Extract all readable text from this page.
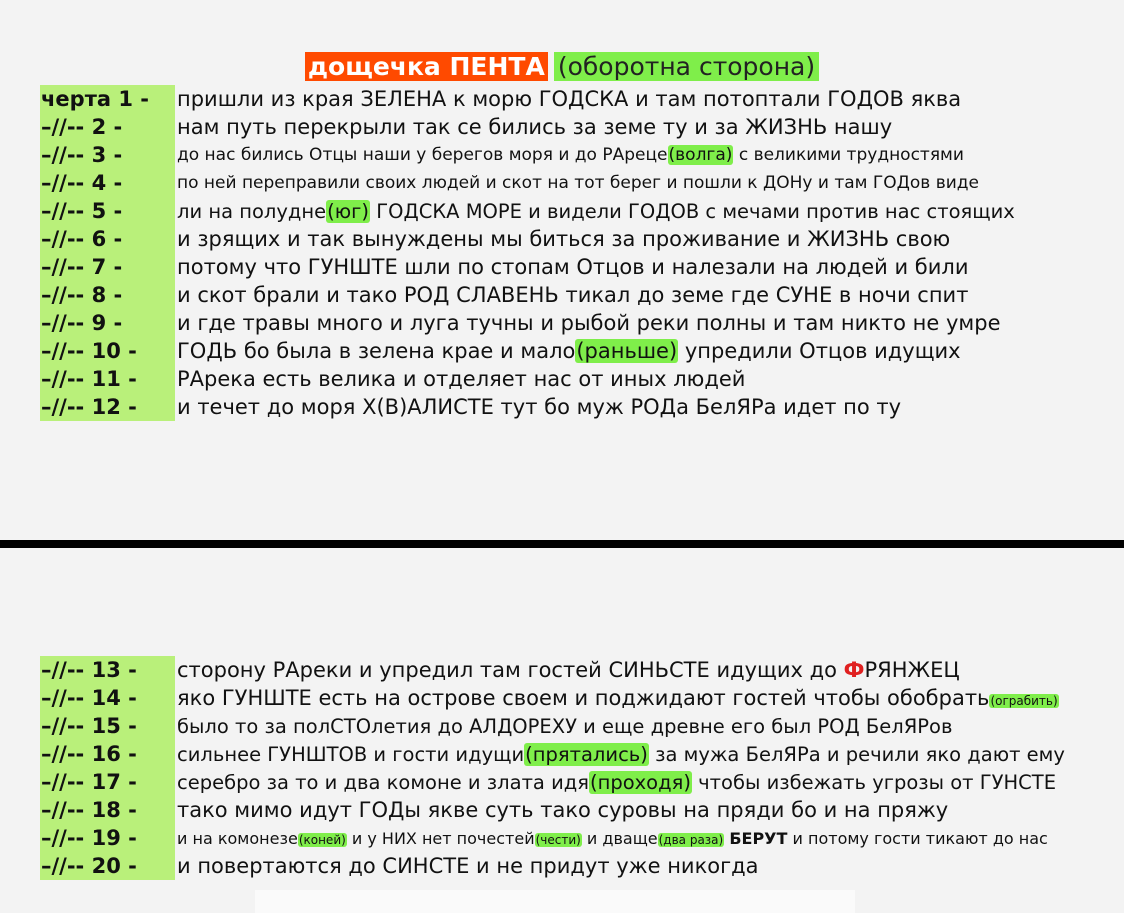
дощечка ПЕНТА (оборотна сторона)
черта 1 -	пришли из края ЗЕЛЕНА к морю ГОДСКА и там потоптали ГОДОВ яква
–//-- 2 -	нам путь перекрыли так се бились за земе ту и за ЖИЗНЬ нашу
–//-- 3 -	до нас бились Отцы наши у берегов моря и до РАреце(волга) с великими трудностями
–//-- 4 -	по ней переправили своих людей и скот на тот берег и пошли к ДОНу и там ГОДов виде
–//-- 5 -	ли на полудне(юг) ГОДСКА МОРЕ и видели ГОДОВ с мечами против нас стоящих
–//-- 6 -	и зрящих и так вынуждены мы биться за проживание и ЖИЗНЬ свою
–//-- 7 -	потому что ГУНШТЕ шли по стопам Отцов и налезали на людей и били
–//-- 8 -	и скот брали и тако РОД СЛАВЕНЬ тикал до земе где СУНЕ в ночи спит
–//-- 9 -	и где травы много и луга тучны и рыбой реки полны и там никто не умре
–//-- 10 -	ГОДЬ бо была в зелена крае и мало(раньше) упредили Отцов идущих
–//-- 11 -	РАрека есть велика и отделяет нас от иных людей
–//-- 12 -	и течет до моря Х(В)АЛИСТЕ тут бо муж РОДа БелЯРа идет по ту
–//-- 13 -	сторону РАреки и упредил там гостей СИНЬСТЕ идущих до ФРЯНЖЕЦ
–//-- 14 -	яко ГУНШТЕ есть на острове своем и поджидают гостей чтобы обобрать(ограбить)
–//-- 15 -	было то за полСТОлетия до АЛДОРЕХУ и еще древне его был РОД БелЯРов
–//-- 16 -	сильнее ГУНШТОВ и гости идущи(прятались) за мужа БелЯРа и речили яко дают ему
–//-- 17 -	серебро за то и два комоне и злата идя(проходя) чтобы избежать угрозы от ГУНСТЕ
–//-- 18 -	тако мимо идут ГОДы якве суть тако суровы на пряди бо и на пряжу
–//-- 19 -	и на комонезе(коней) и у НИХ нет почестей(чести) и дващe(два раза) БЕРУТ и потому гости тикают до нас
–//-- 20 -	и повертаются до СИНСТЕ и не придут уже никогда
